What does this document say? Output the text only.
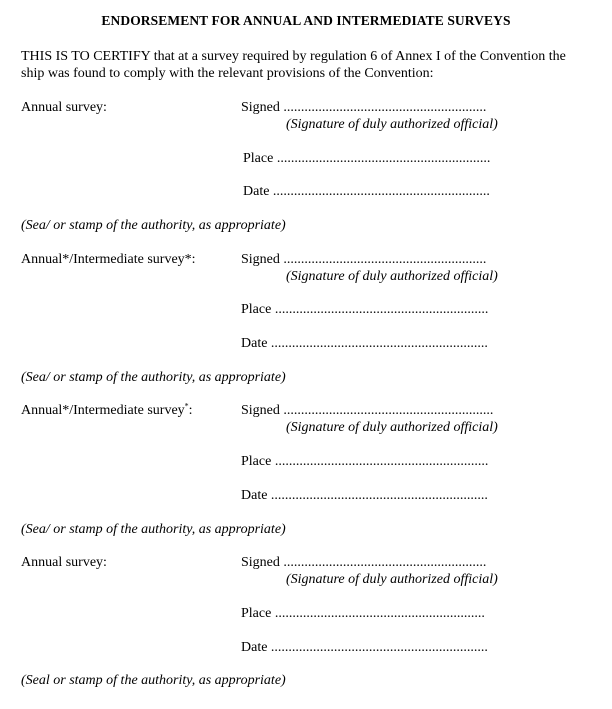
ENDORSEMENT FOR ANNUAL AND INTERMEDIATE SURVEYS
THIS IS TO CERTIFY that at a survey required by regulation 6 of Annex I of the Convention the
ship was found to comply with the relevant provisions of the Convention:
Annual survey:	Signed ..........................................................
(Signature of duly authorized official)
Place .............................................................
Date ..............................................................
(Sea/ or stamp of the authority, as appropriate)
Annual*/Intermediate survey*:	Signed ..........................................................
(Signature of duly authorized official)
Place .............................................................
Date ..............................................................
(Sea/ or stamp of the authority, as appropriate)
Annual*/Intermediate survey*:	Signed ............................................................
(Signature of duly authorized official)
Place .............................................................
Date ..............................................................
(Sea/ or stamp of the authority, as appropriate)
Annual survey:	Signed ..........................................................
(Signature of duly authorized official)
Place ............................................................
Date ..............................................................
(Seal or stamp of the authority, as appropriate)
